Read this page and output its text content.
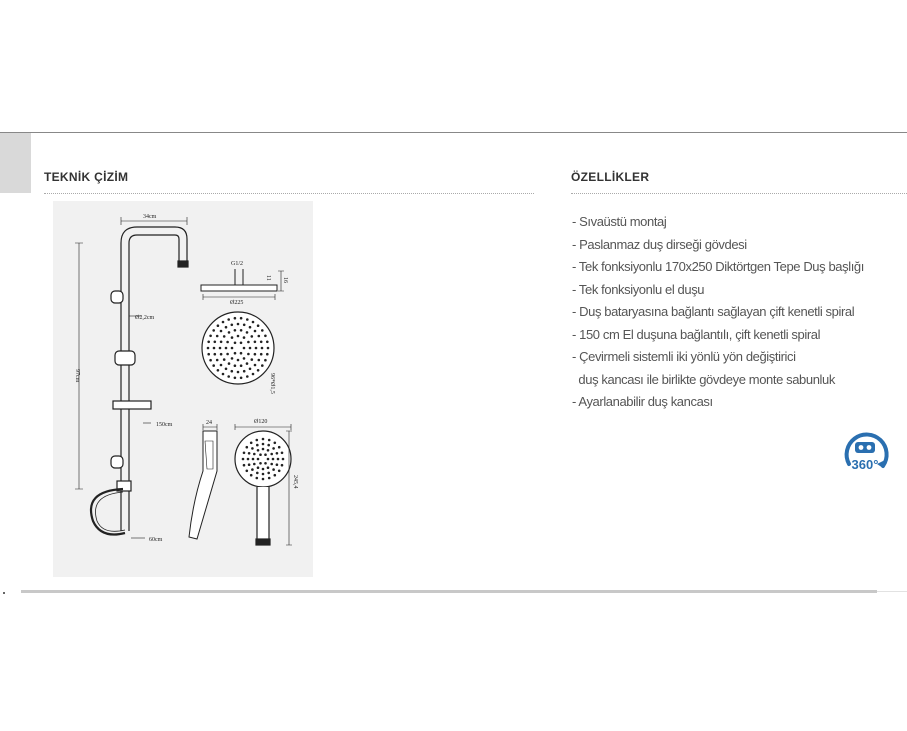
TEKNİK ÇİZİM	ÖZELLİKLER
34cm
97cm
Ø2,2cm
150cm
60cm
G1/2
11 16
Ø225
96*Ø1,5
24	Ø120
245,4
- Sıvaüstü montaj
- Paslanmaz duş dirseği gövdesi
- Tek fonksiyonlu 170x250 Diktörtgen Tepe Duş başlığı
- Tek fonksiyonlu el duşu
- Duş bataryasına bağlantı sağlayan çift kenetli spiral
- 150 cm El duşuna bağlantılı, çift kenetli spiral
- Çevirmeli sistemli iki yönlü yön değiştirici
duş kancası ile birlikte gövdeye monte sabunluk
- Ayarlanabilir duş kancası
360°
